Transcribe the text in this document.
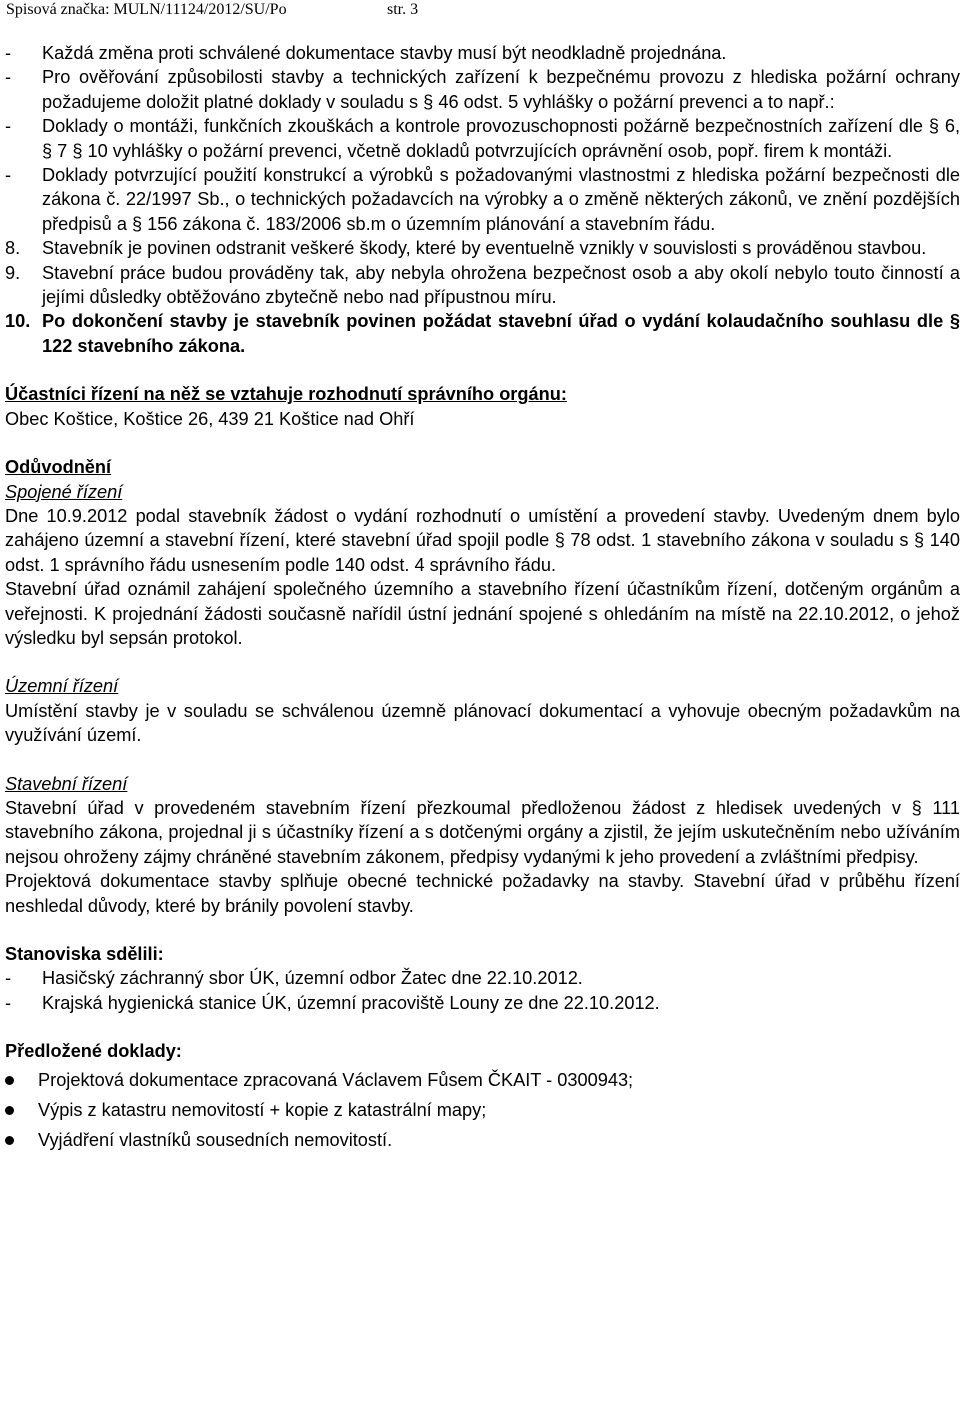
Spisová značka: MULN/11124/2012/SU/Po	str. 3
- Každá změna proti schválené dokumentace stavby musí být neodkladně projednána.
- Pro ověřování způsobilosti stavby a technických zařízení k bezpečnému provozu z hlediska požární ochrany požadujeme doložit platné doklady v souladu s § 46 odst. 5 vyhlášky o požární prevenci a to např.:
- Doklady o montáži, funkčních zkouškách a kontrole provozuschopnosti požárně bezpečnostních zařízení dle § 6, § 7 § 10 vyhlášky o požární prevenci, včetně dokladů potvrzujících oprávnění osob, popř. firem k montáži.
- Doklady potvrzující použití konstrukcí a výrobků s požadovanými vlastnostmi z hlediska požární bezpečnosti dle zákona č. 22/1997 Sb., o technických požadavcích na výrobky a o změně některých zákonů, ve znění pozdějších předpisů a § 156 zákona č. 183/2006 sb.m o územním plánování a stavebním řádu.
8. Stavebník je povinen odstranit veškeré škody, které by eventuelně vznikly v souvislosti s prováděnou stavbou.
9. Stavební práce budou prováděny tak, aby nebyla ohrožena bezpečnost osob a aby okolí nebylo touto činností a jejími důsledky obtěžováno zbytečně nebo nad přípustnou míru.
10. Po dokončení stavby je stavebník povinen požádat stavební úřad o vydání kolaudačního souhlasu dle § 122 stavebního zákona.
Účastníci řízení na něž se vztahuje rozhodnutí správního orgánu:
Obec Koštice, Koštice 26, 439 21 Koštice nad Ohří
Odůvodnění
Spojené řízení
Dne 10.9.2012 podal stavebník žádost o vydání rozhodnutí o umístění a provedení stavby. Uvedeným dnem bylo zahájeno územní a stavební řízení, které stavební úřad spojil podle § 78 odst. 1 stavebního zákona v souladu s § 140 odst. 1 správního řádu usnesením podle 140 odst. 4 správního řádu.
Stavební úřad oznámil zahájení společného územního a stavebního řízení účastníkům řízení, dotčeným orgánům a veřejnosti. K projednání žádosti současně nařídil ústní jednání spojené s ohledáním na místě na 22.10.2012, o jehož výsledku byl sepsán protokol.
Územní řízení
Umístění stavby je v souladu se schválenou územně plánovací dokumentací a vyhovuje obecným požadavkům na využívání území.
Stavební řízení
Stavební úřad v provedeném stavebním řízení přezkoumal předloženou žádost z hledisek uvedených v § 111 stavebního zákona, projednal ji s účastníky řízení a s dotčenými orgány a zjistil, že jejím uskutečněním nebo užíváním nejsou ohroženy zájmy chráněné stavebním zákonem, předpisy vydanými k jeho provedení a zvláštními předpisy.
Projektová dokumentace stavby splňuje obecné technické požadavky na stavby. Stavební úřad v průběhu řízení neshledal důvody, které by bránily povolení stavby.
Stanoviska sdělili:
- Hasičský záchranný sbor ÚK, územní odbor Žatec dne 22.10.2012.
- Krajská hygienická stanice ÚK, územní pracoviště Louny ze dne 22.10.2012.
Předložené doklady:
Projektová dokumentace zpracovaná Václavem Fůsem ČKAIT - 0300943;
Výpis z katastru nemovitostí + kopie z katastrální mapy;
Vyjádření vlastníků sousedních nemovitostí.
